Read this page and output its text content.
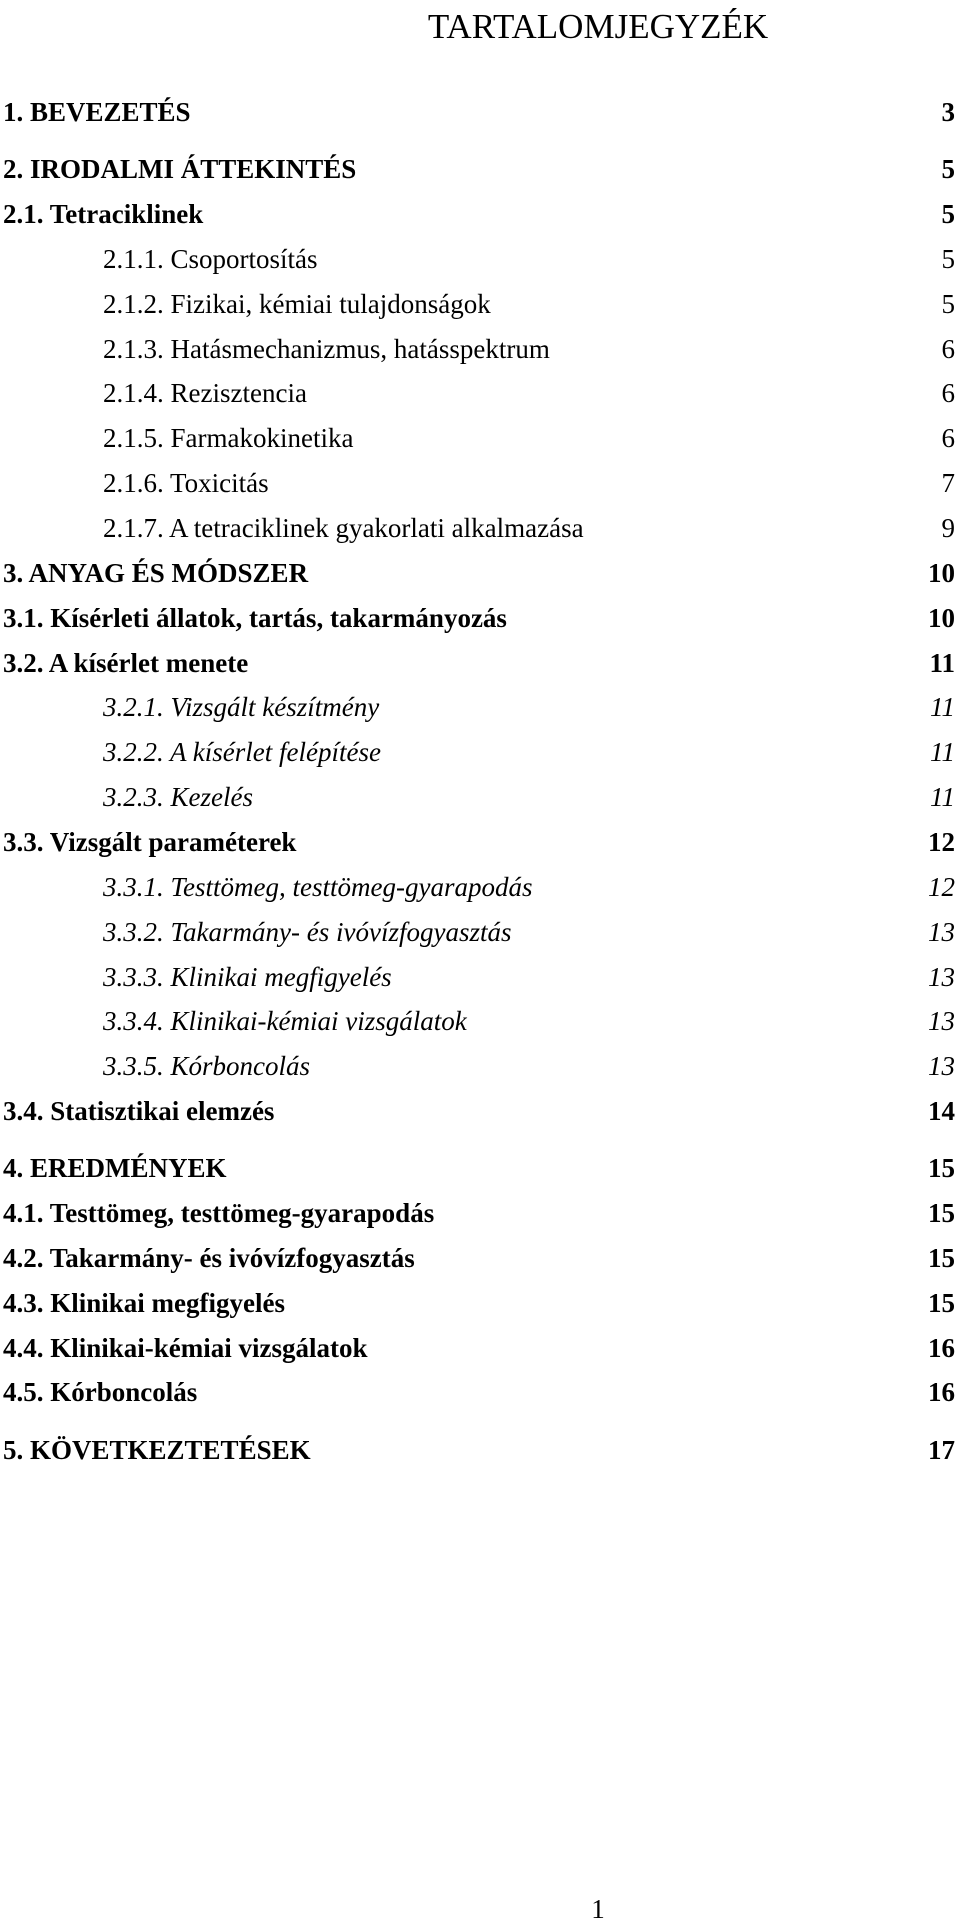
TARTALOMJEGYZÉK
1. BEVEZETÉS	3
2. IRODALMI ÁTTEKINTÉS	5
2.1. Tetraciklinek	5
2.1.1. Csoportosítás	5
2.1.2. Fizikai, kémiai tulajdonságok	5
2.1.3. Hatásmechanizmus, hatásspektrum	6
2.1.4. Rezisztencia	6
2.1.5. Farmakokinetika	6
2.1.6. Toxicitás	7
2.1.7. A tetraciklinek gyakorlati alkalmazása	9
3. ANYAG ÉS MÓDSZER	10
3.1. Kísérleti állatok, tartás, takarmányozás	10
3.2. A kísérlet menete	11
3.2.1. Vizsgált készítmény	11
3.2.2. A kísérlet felépítése	11
3.2.3. Kezelés	11
3.3. Vizsgált paraméterek	12
3.3.1. Testtömeg, testtömeg-gyarapodás	12
3.3.2. Takarmány- és ivóvízfogyasztás	13
3.3.3. Klinikai megfigyelés	13
3.3.4. Klinikai-kémiai vizsgálatok	13
3.3.5. Kórboncolás	13
3.4. Statisztikai elemzés	14
4. EREDMÉNYEK	15
4.1. Testtömeg, testtömeg-gyarapodás	15
4.2. Takarmány- és ivóvízfogyasztás	15
4.3. Klinikai megfigyelés	15
4.4. Klinikai-kémiai vizsgálatok	16
4.5. Kórboncolás	16
5. KÖVETKEZTETÉSEK	17
1
